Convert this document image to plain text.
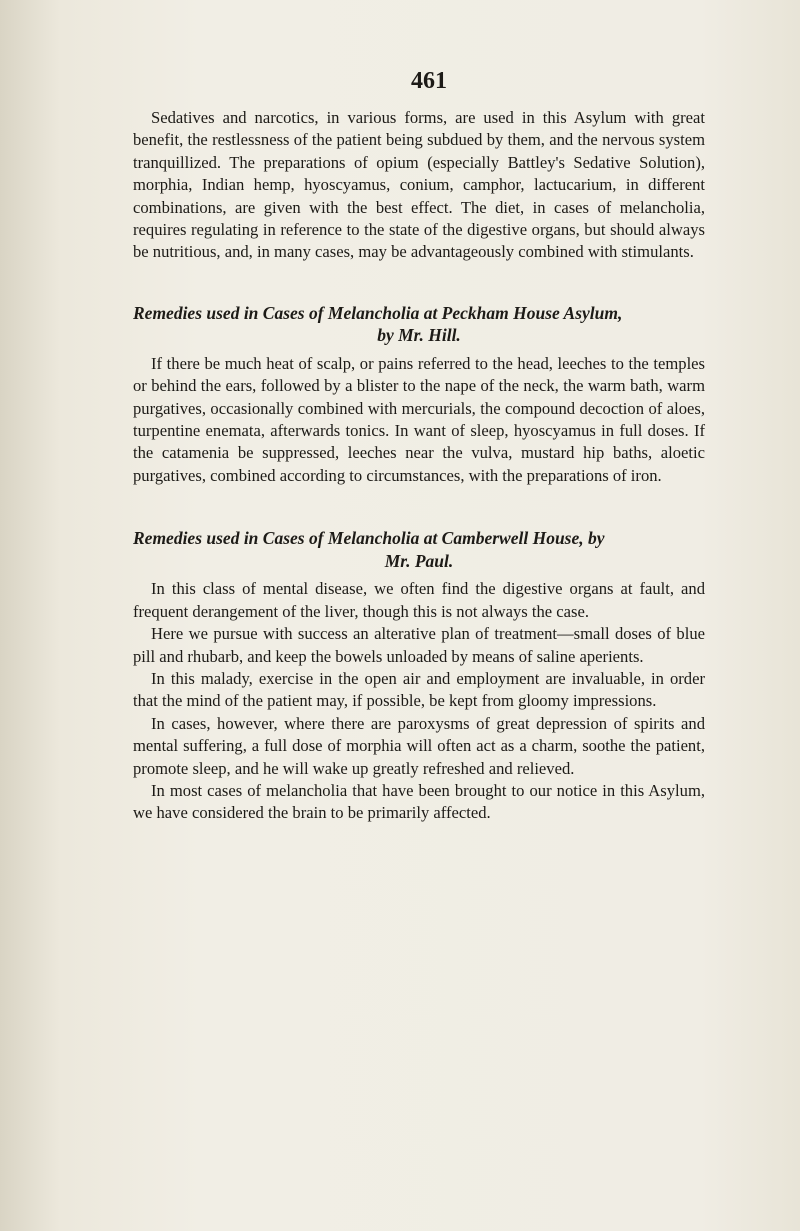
461

Sedatives and narcotics, in various forms, are used in this Asylum with great benefit, the restlessness of the patient being subdued by them, and the nervous system tranquillized. The preparations of opium (especially Battley's Sedative Solution), morphia, Indian hemp, hyoscyamus, conium, camphor, lactucarium, in different combinations, are given with the best effect. The diet, in cases of melancholia, requires regulating in reference to the state of the digestive organs, but should always be nutritious, and, in many cases, may be advantageously combined with stimulants.

Remedies used in Cases of Melancholia at Peckham House Asylum,
by Mr. Hill.

If there be much heat of scalp, or pains referred to the head, leeches to the temples or behind the ears, followed by a blister to the nape of the neck, the warm bath, warm purgatives, occasionally combined with mercurials, the compound decoction of aloes, turpentine enemata, afterwards tonics. In want of sleep, hyoscyamus in full doses. If the catamenia be suppressed, leeches near the vulva, mustard hip baths, aloetic purgatives, combined according to circumstances, with the preparations of iron.

Remedies used in Cases of Melancholia at Camberwell House, by
Mr. Paul.

In this class of mental disease, we often find the digestive organs at fault, and frequent derangement of the liver, though this is not always the case.

Here we pursue with success an alterative plan of treatment—small doses of blue pill and rhubarb, and keep the bowels unloaded by means of saline aperients.

In this malady, exercise in the open air and employment are invaluable, in order that the mind of the patient may, if possible, be kept from gloomy impressions.

In cases, however, where there are paroxysms of great depression of spirits and mental suffering, a full dose of morphia will often act as a charm, soothe the patient, promote sleep, and he will wake up greatly refreshed and relieved.

In most cases of melancholia that have been brought to our notice in this Asylum, we have considered the brain to be primarily affected.
